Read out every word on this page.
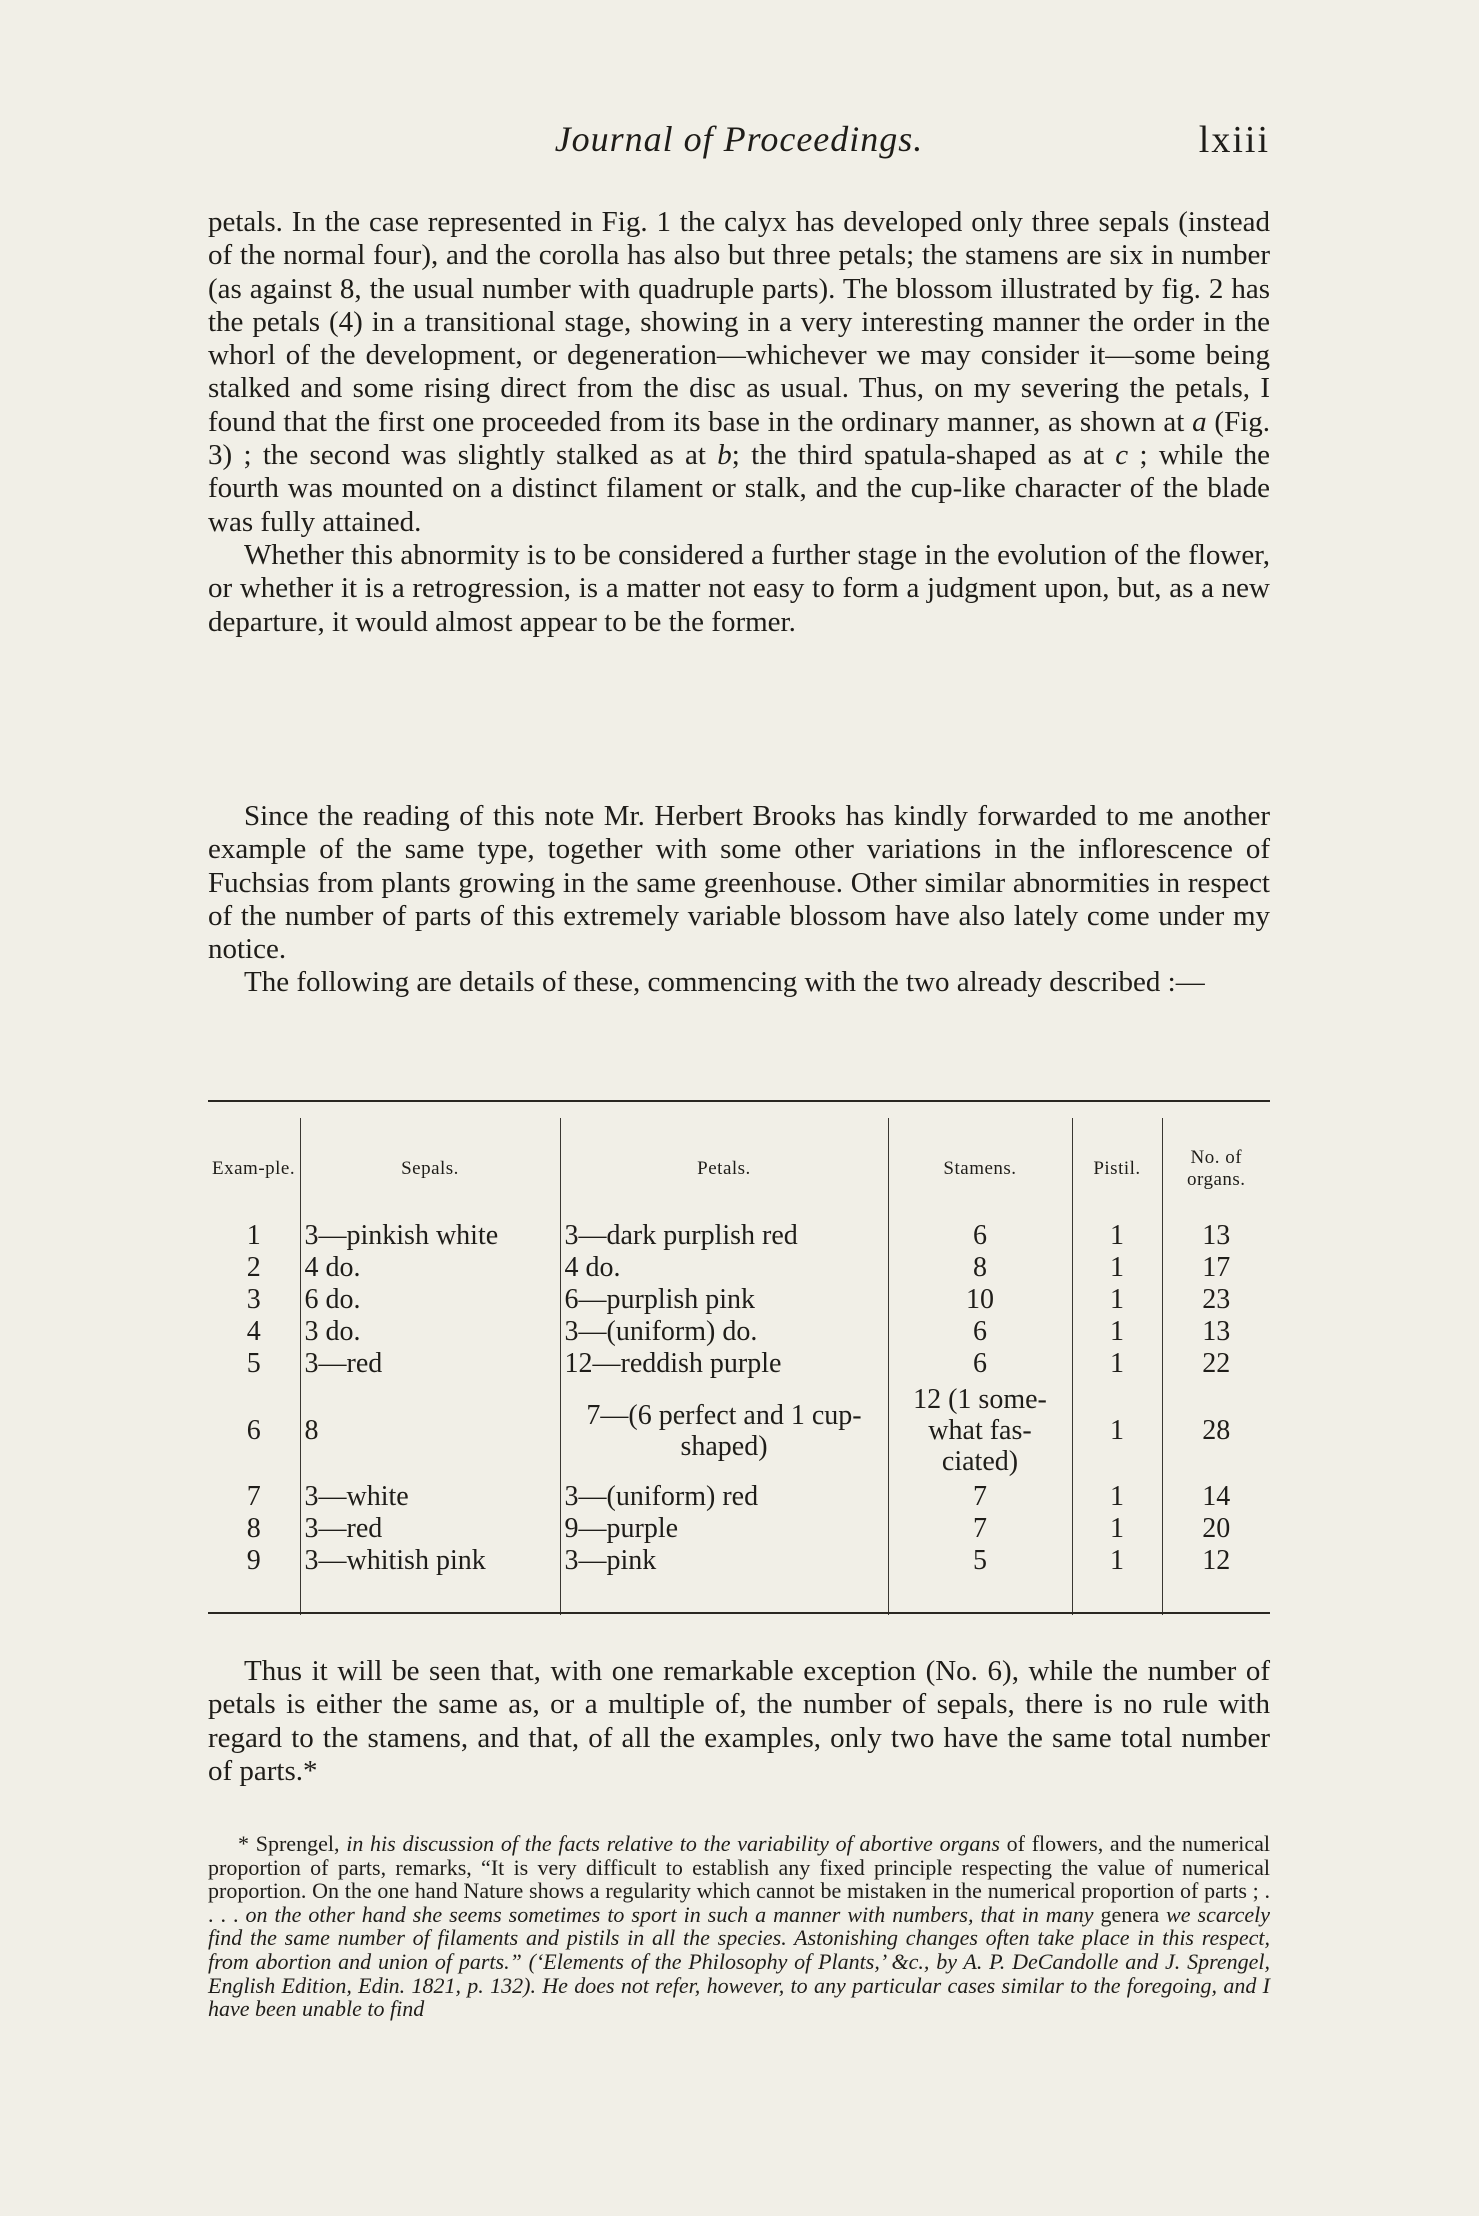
Journal of Proceedings.	lxiii

petals. In the case represented in Fig. 1 the calyx has developed only three sepals (instead of the normal four), and the corolla has also but three petals; the stamens are six in number (as against 8, the usual number with quadruple parts). The blossom illustrated by fig. 2 has the petals (4) in a transitional stage, showing in a very interesting manner the order in the whorl of the development, or degeneration—whichever we may consider it—some being stalked and some rising direct from the disc as usual. Thus, on my severing the petals, I found that the first one proceeded from its base in the ordinary manner, as shown at a (Fig. 3) ; the second was slightly stalked as at b; the third spatula-shaped as at c ; while the fourth was mounted on a distinct filament or stalk, and the cup-like character of the blade was fully attained.

Whether this abnormity is to be considered a further stage in the evolution of the flower, or whether it is a retrogression, is a matter not easy to form a judgment upon, but, as a new departure, it would almost appear to be the former.

Since the reading of this note Mr. Herbert Brooks has kindly forwarded to me another example of the same type, together with some other variations in the inflorescence of Fuchsias from plants growing in the same greenhouse. Other similar abnormities in respect of the number of parts of this extremely variable blossom have also lately come under my notice.

The following are details of these, commencing with the two already described :—

Exam-ple.	Sepals.	Petals.	Stamens.	Pistil.	No. of organs.
1	3—pinkish white	3—dark purplish red	6	1	13
2	4 do.	4 do.	8	1	17
3	6 do.	6—purplish pink	10	1	23
4	3 do.	3—(uniform) do.	6	1	13
5	3—red	12—reddish purple	6	1	22
6	8	7—(6 perfect and 1 cup-shaped)	12 (1 some-what fas-ciated)	1	28
7	3—white	3—(uniform) red	7	1	14
8	3—red	9—purple	7	1	20
9	3—whitish pink	3—pink	5	1	12

Thus it will be seen that, with one remarkable exception (No. 6), while the number of petals is either the same as, or a multiple of, the number of sepals, there is no rule with regard to the stamens, and that, of all the examples, only two have the same total number of parts.*

* Sprengel, in his discussion of the facts relative to the variability of abortive organs of flowers, and the numerical proportion of parts, remarks, “It is very difficult to establish any fixed principle respecting the value of numerical proportion. On the one hand Nature shows a regularity which cannot be mistaken in the numerical proportion of parts ; . . . . on the other hand she seems sometimes to sport in such a manner with numbers, that in many genera we scarcely find the same number of filaments and pistils in all the species. Astonishing changes often take place in this respect, from abortion and union of parts.” (‘Elements of the Philosophy of Plants,’ &c., by A. P. DeCandolle and J. Sprengel, English Edition, Edin. 1821, p. 132). He does not refer, however, to any particular cases similar to the foregoing, and I have been unable to find
